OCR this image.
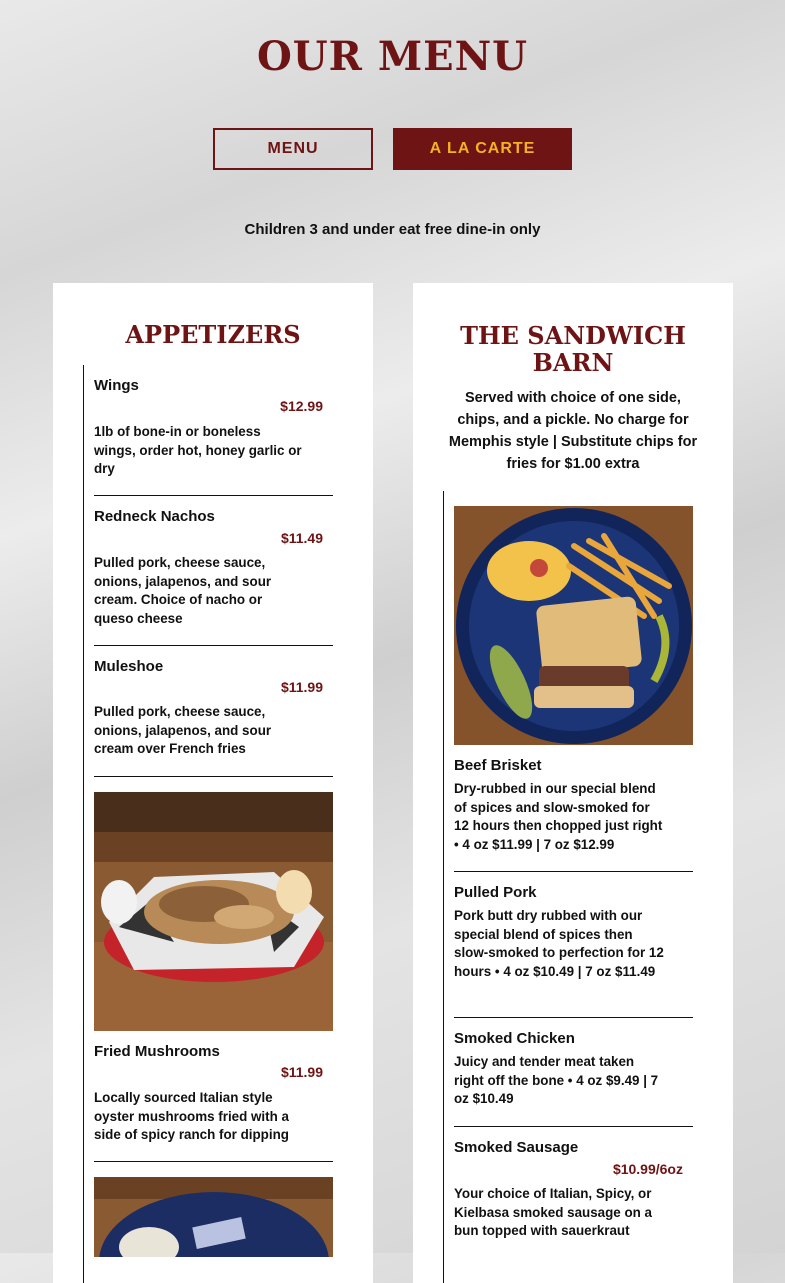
OUR MENU
MENU	A LA CARTE
Children 3 and under eat free dine-in only
APPETIZERS
Wings
$12.99
1lb of bone-in or boneless wings, order hot, honey garlic or dry
Redneck Nachos
$11.49
Pulled pork, cheese sauce, onions, jalapenos, and sour cream. Choice of nacho or queso cheese
Muleshoe
$11.99
Pulled pork, cheese sauce, onions, jalapenos, and sour cream over French fries
Fried Mushrooms
$11.99
Locally sourced Italian style oyster mushrooms fried with a side of spicy ranch for dipping
THE SANDWICH
BARN
Served with choice of one side, chips, and a pickle. No charge for Memphis style | Substitute chips for fries for $1.00 extra
Beef Brisket
Dry-rubbed in our special blend of spices and slow-smoked for 12 hours then chopped just right • 4 oz $11.99 | 7 oz $12.99
Pulled Pork
Pork butt dry rubbed with our special blend of spices then slow-smoked to perfection for 12 hours • 4 oz $10.49 | 7 oz $11.49
Smoked Chicken
Juicy and tender meat taken right off the bone • 4 oz $9.49 | 7 oz $10.49
Smoked Sausage
$10.99/6oz
Your choice of Italian, Spicy, or Kielbasa smoked sausage on a bun topped with sauerkraut
